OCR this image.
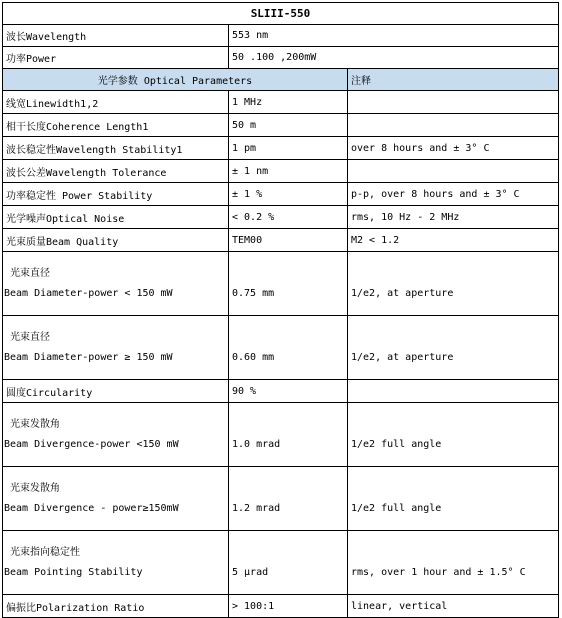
SLIII-550		
波长Wavelength	553 nm	
功率Power	50 .100 ,200mW	
光学参数 Optical Parameters		注释
线宽Linewidth1,2	1 MHz	
相干长度Coherence Length1	50 m	
波长稳定性Wavelength Stability1	1 pm	over 8 hours and ± 3° C
波长公差Wavelength Tolerance	± 1 nm	
功率稳定性 Power Stability	± 1 %	p-p, over 8 hours and ± 3° C
光学噪声Optical Noise	< 0.2 %	rms, 10 Hz - 2 MHz
光束质量Beam Quality	TEM00	M2 < 1.2

光束直径
Beam Diameter-power < 150 mW	0.75 mm	1/e2, at aperture

光束直径
Beam Diameter-power ≥ 150 mW	0.60 mm	1/e2, at aperture
圆度Circularity	90 %	

光束发散角
Beam Divergence-power <150 mW	1.0 mrad	1/e2 full angle

光束发散角
Beam Divergence - power≥150mW	1.2 mrad	1/e2 full angle

光束指向稳定性
Beam Pointing Stability	5 μrad	rms, over 1 hour and ± 1.5° C
偏振比Polarization Ratio	> 100:1	linear, vertical
